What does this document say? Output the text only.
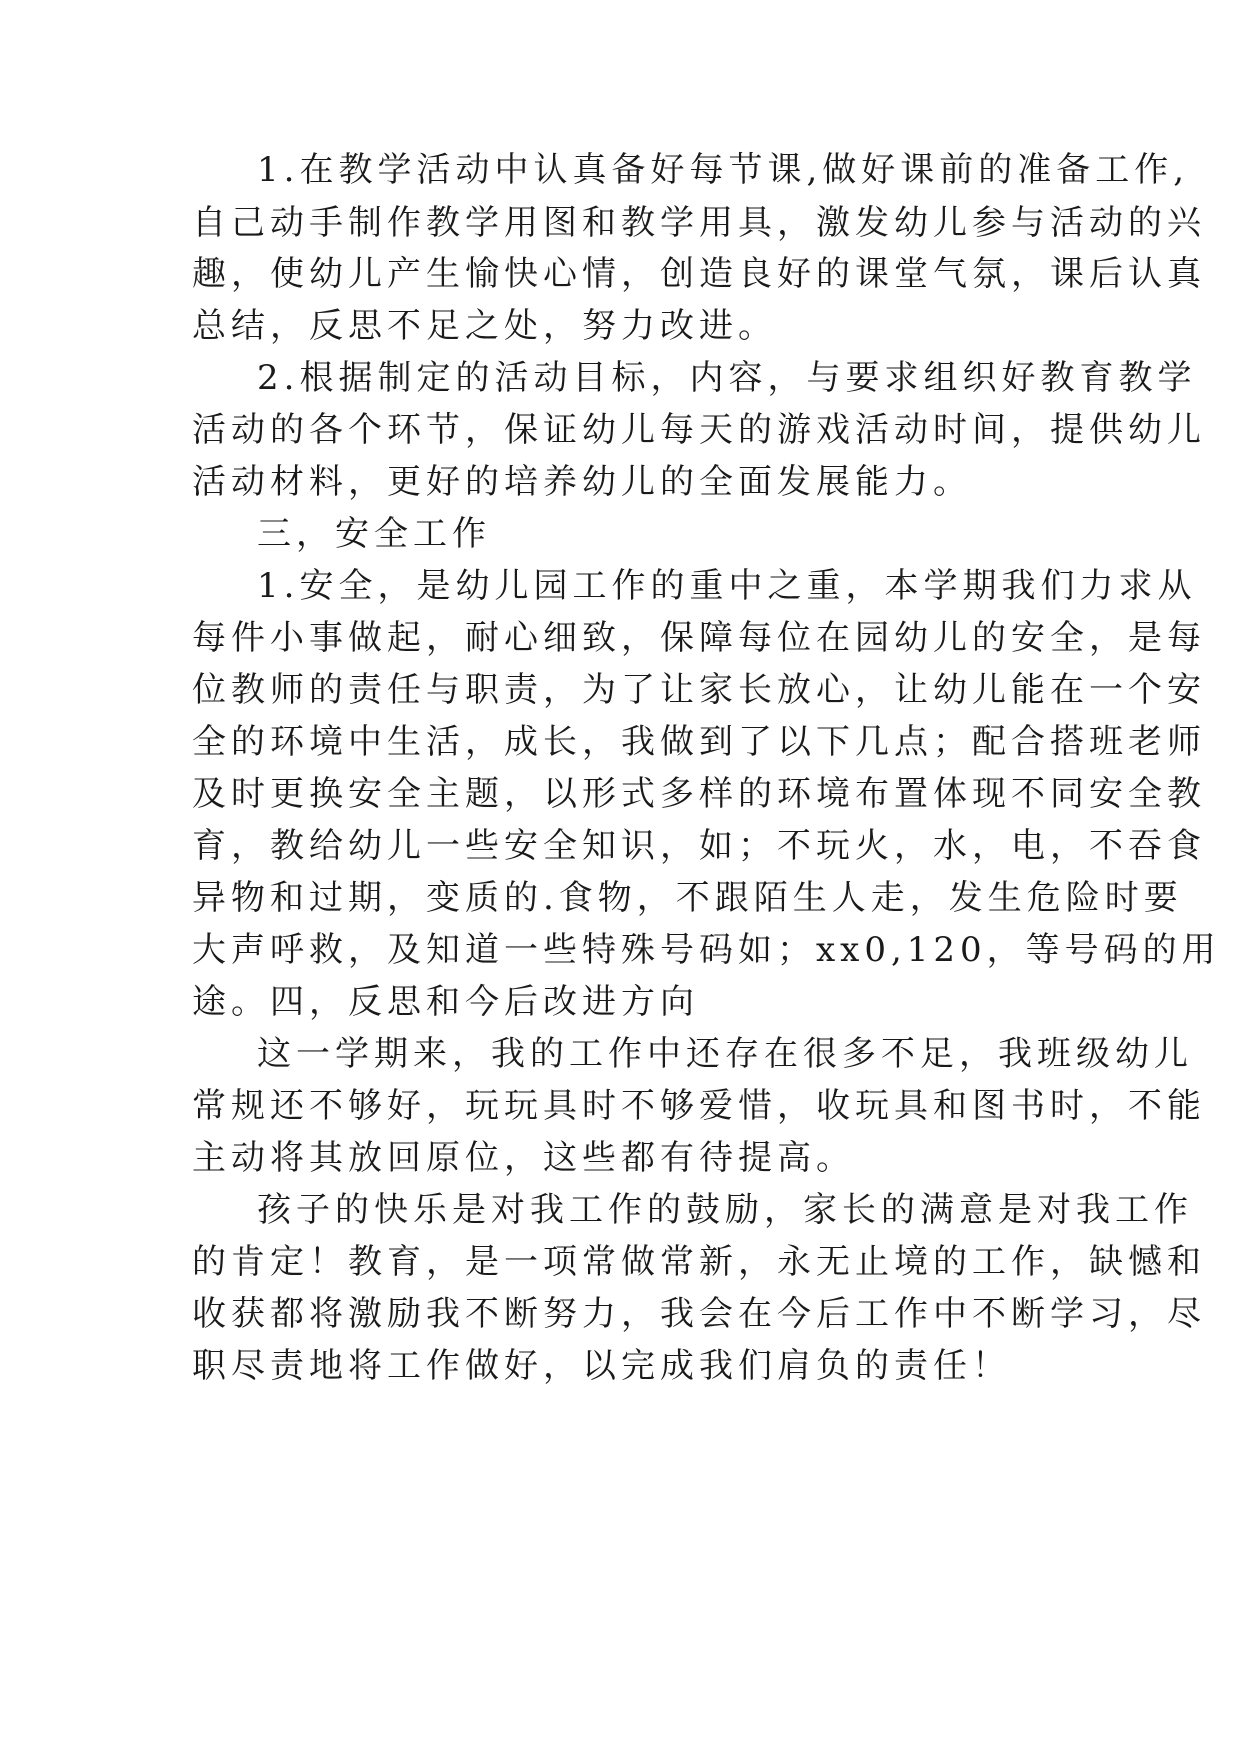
1.在教学活动中认真备好每节课,做好课前的准备工作,
自己动手制作教学用图和教学用具，激发幼儿参与活动的兴
趣，使幼儿产生愉快心情，创造良好的课堂气氛，课后认真
总结，反思不足之处，努力改进。
2.根据制定的活动目标，内容，与要求组织好教育教学
活动的各个环节，保证幼儿每天的游戏活动时间，提供幼儿
活动材料，更好的培养幼儿的全面发展能力。
三，安全工作
1.安全，是幼儿园工作的重中之重，本学期我们力求从
每件小事做起，耐心细致，保障每位在园幼儿的安全，是每
位教师的责任与职责，为了让家长放心，让幼儿能在一个安
全的环境中生活，成长，我做到了以下几点；配合搭班老师
及时更换安全主题，以形式多样的环境布置体现不同安全教
育，教给幼儿一些安全知识，如；不玩火，水，电，不吞食
异物和过期，变质的.食物，不跟陌生人走，发生危险时要
大声呼救，及知道一些特殊号码如；xx0,120，等号码的用
途。四，反思和今后改进方向
这一学期来，我的工作中还存在很多不足，我班级幼儿
常规还不够好，玩玩具时不够爱惜，收玩具和图书时，不能
主动将其放回原位，这些都有待提高。
孩子的快乐是对我工作的鼓励，家长的满意是对我工作
的肯定！教育，是一项常做常新，永无止境的工作，缺憾和
收获都将激励我不断努力，我会在今后工作中不断学习，尽
职尽责地将工作做好，以完成我们肩负的责任！
